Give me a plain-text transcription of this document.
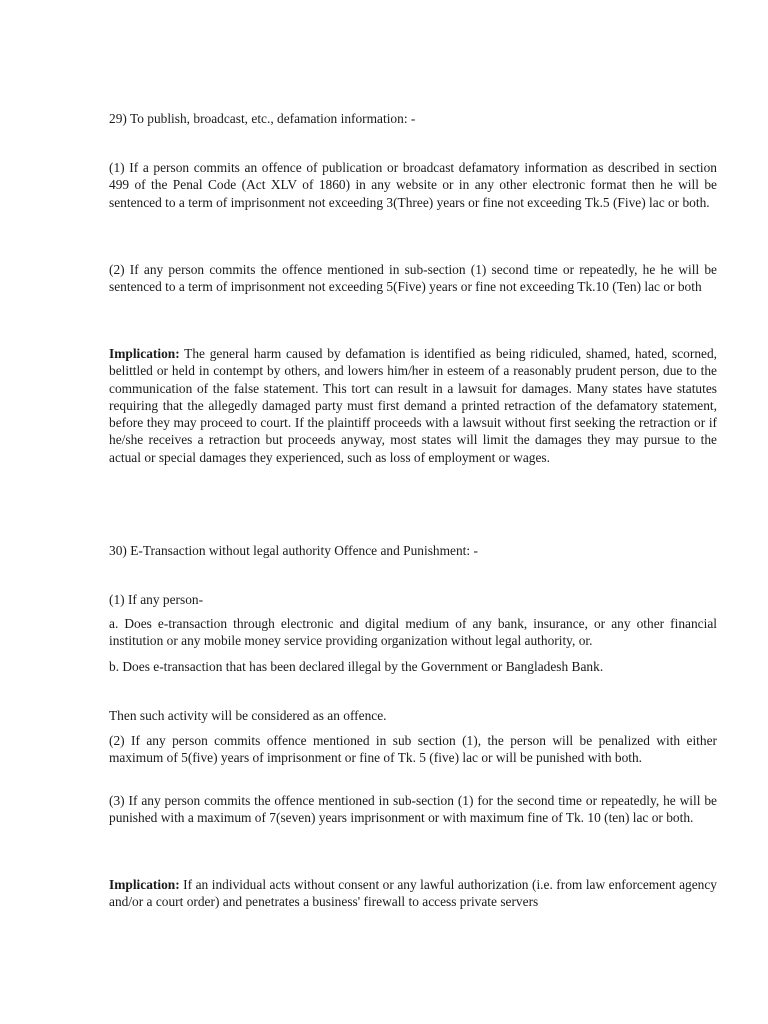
29) To publish, broadcast, etc., defamation information: -

(1) If a person commits an offence of publication or broadcast defamatory information as described in section 499 of the Penal Code (Act XLV of 1860) in any website or in any other electronic format then he will be sentenced to a term of imprisonment not exceeding 3(Three) years or fine not exceeding Tk.5 (Five) lac or both.

(2) If any person commits the offence mentioned in sub-section (1) second time or repeatedly, he he will be sentenced to a term of imprisonment not exceeding 5(Five) years or fine not exceeding Tk.10 (Ten) lac or both

Implication: The general harm caused by defamation is identified as being ridiculed, shamed, hated, scorned, belittled or held in contempt by others, and lowers him/her in esteem of a reasonably prudent person, due to the communication of the false statement. This tort can result in a lawsuit for damages. Many states have statutes requiring that the allegedly damaged party must first demand a printed retraction of the defamatory statement, before they may proceed to court. If the plaintiff proceeds with a lawsuit without first seeking the retraction or if he/she receives a retraction but proceeds anyway, most states will limit the damages they may pursue to the actual or special damages they experienced, such as loss of employment or wages.

30) E-Transaction without legal authority Offence and Punishment: -
(1) If any person-

a. Does e-transaction through electronic and digital medium of any bank, insurance, or any other financial institution or any mobile money service providing organization without legal authority, or.

b. Does e-transaction that has been declared illegal by the Government or Bangladesh Bank.
Then such activity will be considered as an offence.

(2) If any person commits offence mentioned in sub section (1), the person will be penalized with either maximum of 5(five) years of imprisonment or fine of Tk. 5 (five) lac or will be punished with both.

(3) If any person commits the offence mentioned in sub-section (1) for the second time or repeatedly, he will be punished with a maximum of 7(seven) years imprisonment or with maximum fine of Tk. 10 (ten) lac or both.

Implication: If an individual acts without consent or any lawful authorization (i.e. from law enforcement agency and/or a court order) and penetrates a business' firewall to access private servers
